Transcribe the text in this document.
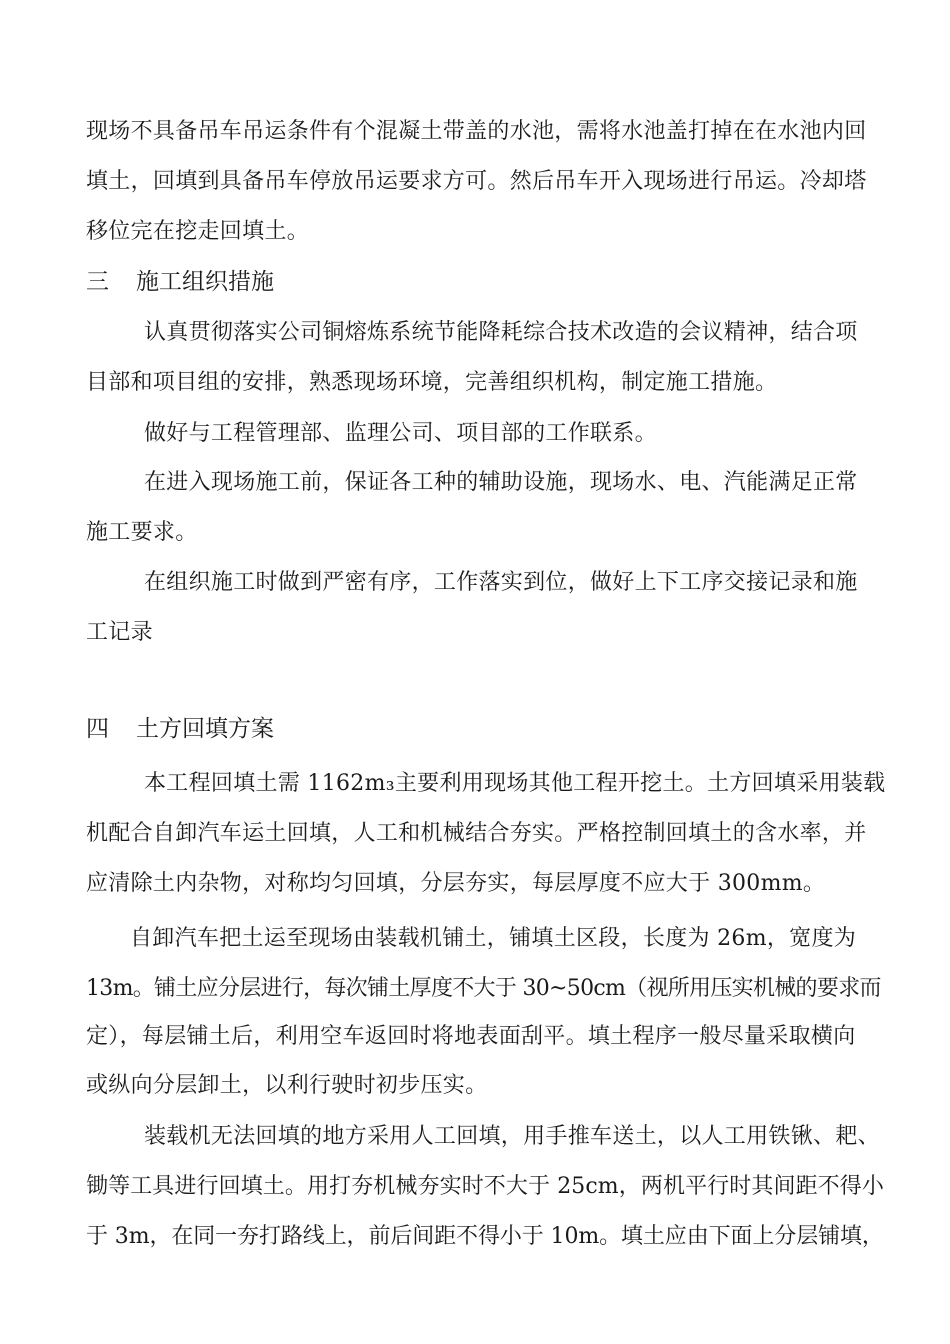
现场不具备吊车吊运条件有个混凝土带盖的水池，需将水池盖打掉在在水池内回
填土，回填到具备吊车停放吊运要求方可。然后吊车开入现场进行吊运。冷却塔
移位完在挖走回填土。
三 施工组织措施
认真贯彻落实公司铜熔炼系统节能降耗综合技术改造的会议精神，结合项
目部和项目组的安排，熟悉现场环境，完善组织机构，制定施工措施。
做好与工程管理部、监理公司、项目部的工作联系。
在进入现场施工前，保证各工种的辅助设施，现场水、电、汽能满足正常
施工要求。
在组织施工时做到严密有序，工作落实到位，做好上下工序交接记录和施
工记录
四 土方回填方案
本工程回填土需 1162m₃主要利用现场其他工程开挖土。土方回填采用装载
机配合自卸汽车运土回填，人工和机械结合夯实。严格控制回填土的含水率，并
应清除土内杂物，对称均匀回填，分层夯实，每层厚度不应大于 300mm。
自卸汽车把土运至现场由装载机铺土，铺填土区段，长度为 26m，宽度为
13m。铺土应分层进行，每次铺土厚度不大于 30~50cm（视所用压实机械的要求而
定），每层铺土后，利用空车返回时将地表面刮平。填土程序一般尽量采取横向
或纵向分层卸土，以利行驶时初步压实。
装载机无法回填的地方采用人工回填，用手推车送土，以人工用铁锹、耙、
锄等工具进行回填土。用打夯机械夯实时不大于 25cm，两机平行时其间距不得小
于 3m，在同一夯打路线上，前后间距不得小于 10m。填土应由下面上分层铺填，
